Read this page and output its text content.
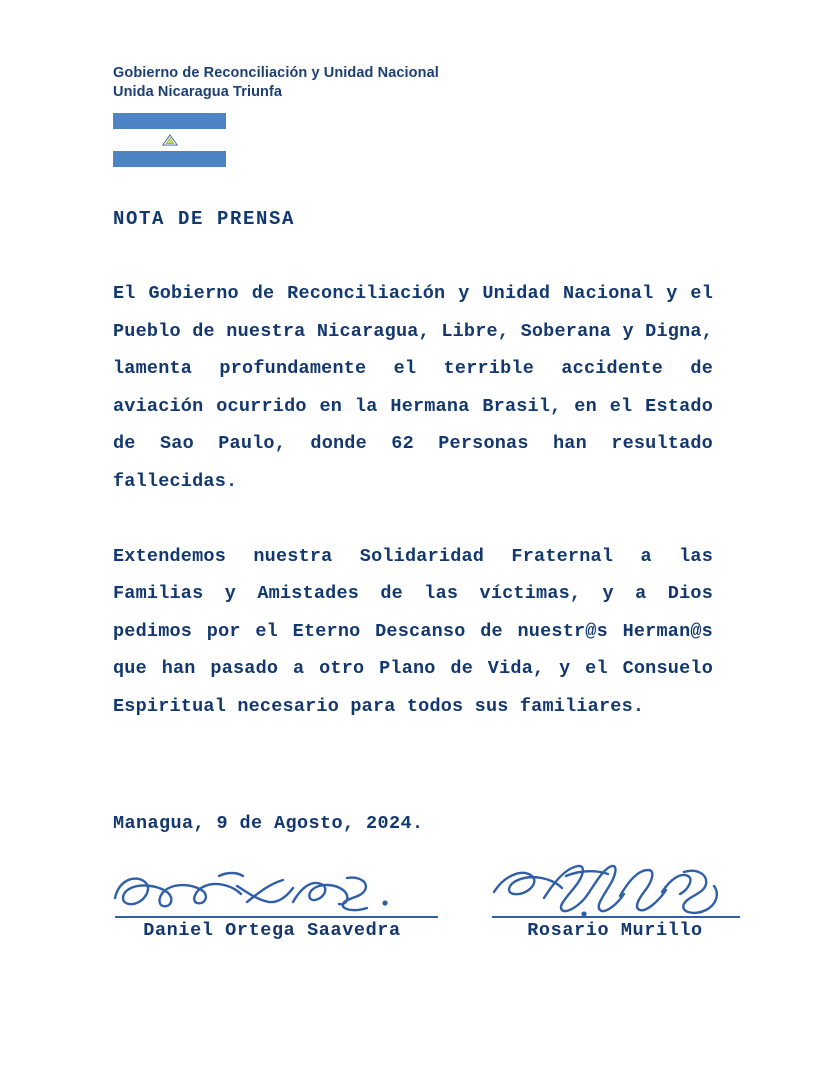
Gobierno de Reconciliación y Unidad Nacional
Unida Nicaragua Triunfa
NOTA DE PRENSA

El Gobierno de Reconciliación y Unidad Nacional y el Pueblo de nuestra Nicaragua, Libre, Soberana y Digna, lamenta profundamente el terrible accidente de aviación ocurrido en la Hermana Brasil, en el Estado de Sao Paulo, donde 62 Personas han resultado fallecidas.

Extendemos nuestra Solidaridad Fraternal a las Familias y Amistades de las víctimas, y a Dios pedimos por el Eterno Descanso de nuestr@s Herman@s que han pasado a otro Plano de Vida, y el Consuelo Espiritual necesario para todos sus familiares.

Managua, 9 de Agosto, 2024.
Daniel Ortega Saavedra	Rosario Murillo
